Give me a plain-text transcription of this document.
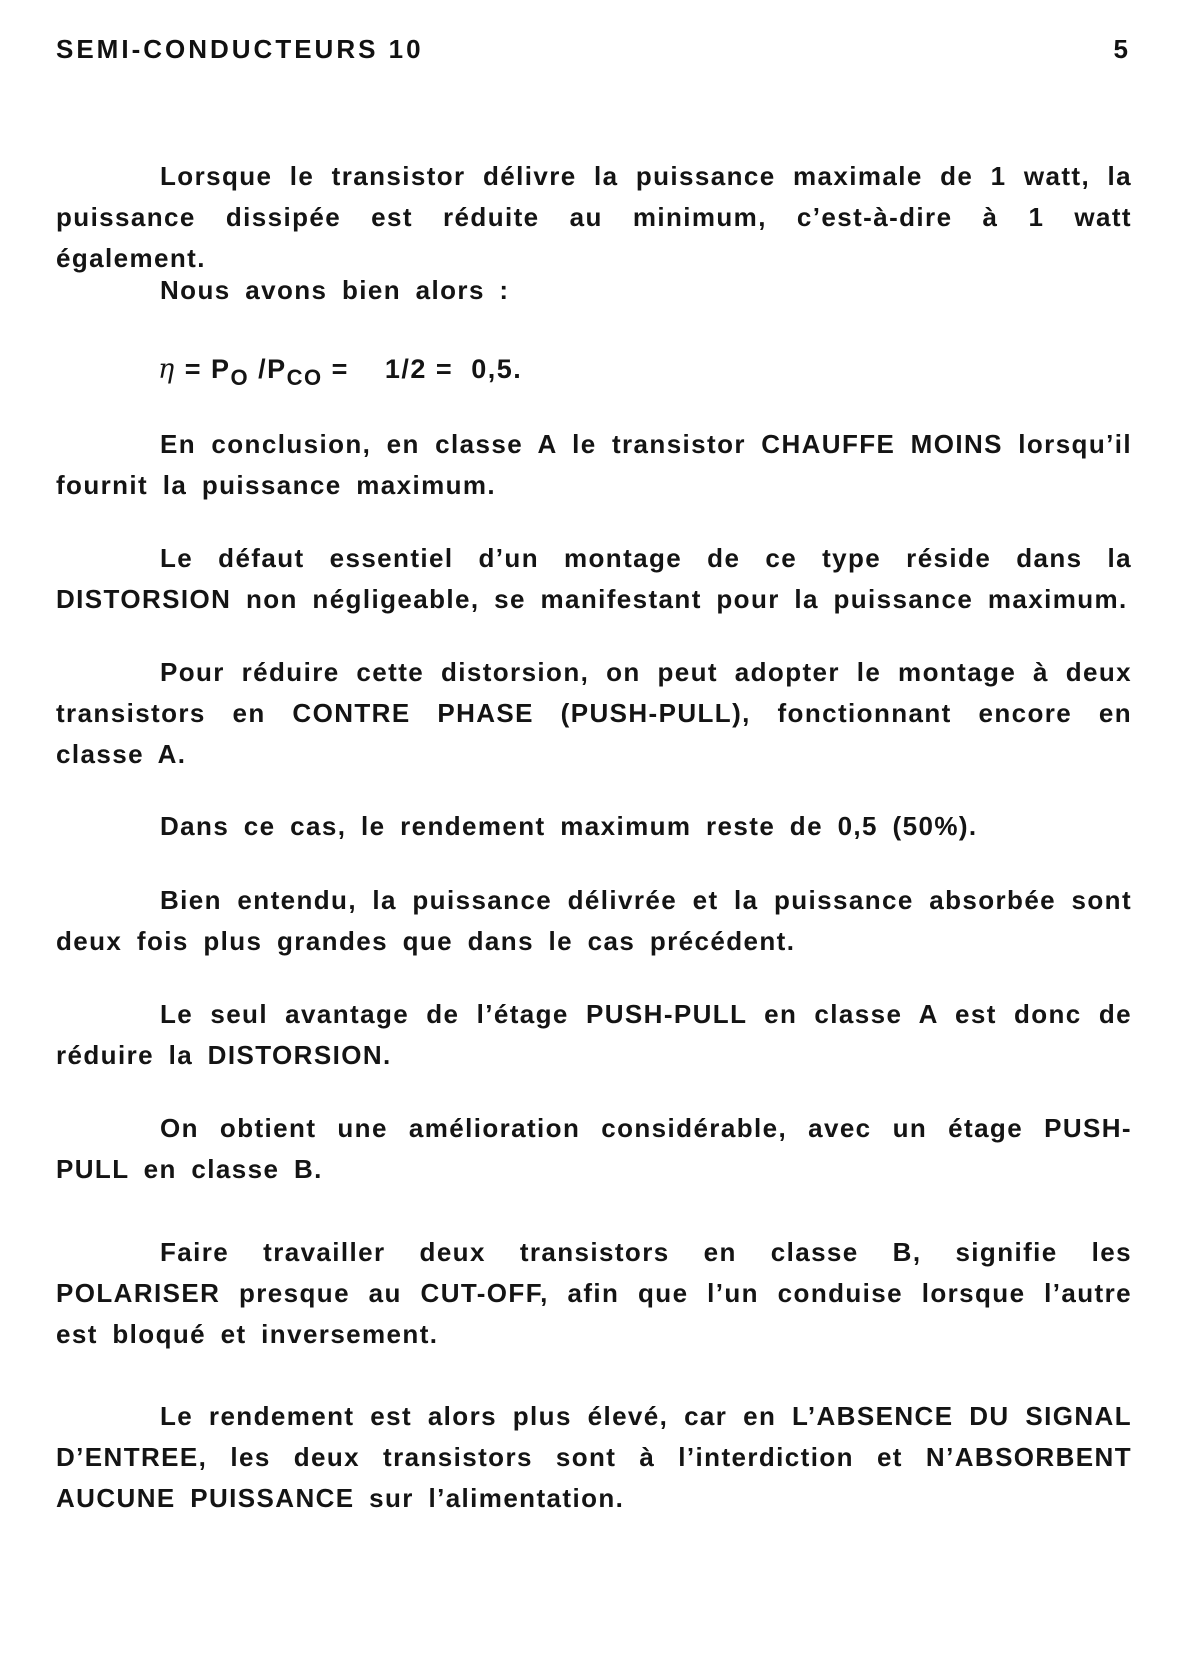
SEMI-CONDUCTEURS 10	5

Lorsque le transistor délivre la puissance maximale de 1 watt, la puissance dissipée est réduite au minimum, c’est-à-dire à 1 watt également.

Nous avons bien alors :

$\eta = P_O$ $/P_{CO}$ =    1/2 =  0,5.

En conclusion, en classe A le transistor CHAUFFE MOINS lorsqu’il fournit la puissance maximum.

Le défaut essentiel d’un montage de ce type réside dans la DISTORSION non négligeable, se manifestant pour la puissance maximum.

Pour réduire cette distorsion, on peut adopter le montage à deux transistors en CONTRE PHASE (PUSH-PULL), fonctionnant encore en classe A.

Dans ce cas, le rendement maximum reste de 0,5 (50%).

Bien entendu, la puissance délivrée et la puissance absorbée sont deux fois plus grandes que dans le cas précédent.

Le seul avantage de l’étage PUSH-PULL en classe A est donc de réduire la DISTORSION.

On obtient une amélioration considérable, avec un étage PUSH-PULL en classe B.

Faire travailler deux transistors en classe B, signifie les POLARISER presque au CUT-OFF, afin que l’un conduise lorsque l’autre est bloqué et inversement.

Le rendement est alors plus élevé, car en L’ABSENCE DU SIGNAL D’ENTREE, les deux transistors sont à l’interdiction et N’ABSORBENT AUCUNE PUISSANCE sur l’alimentation.
